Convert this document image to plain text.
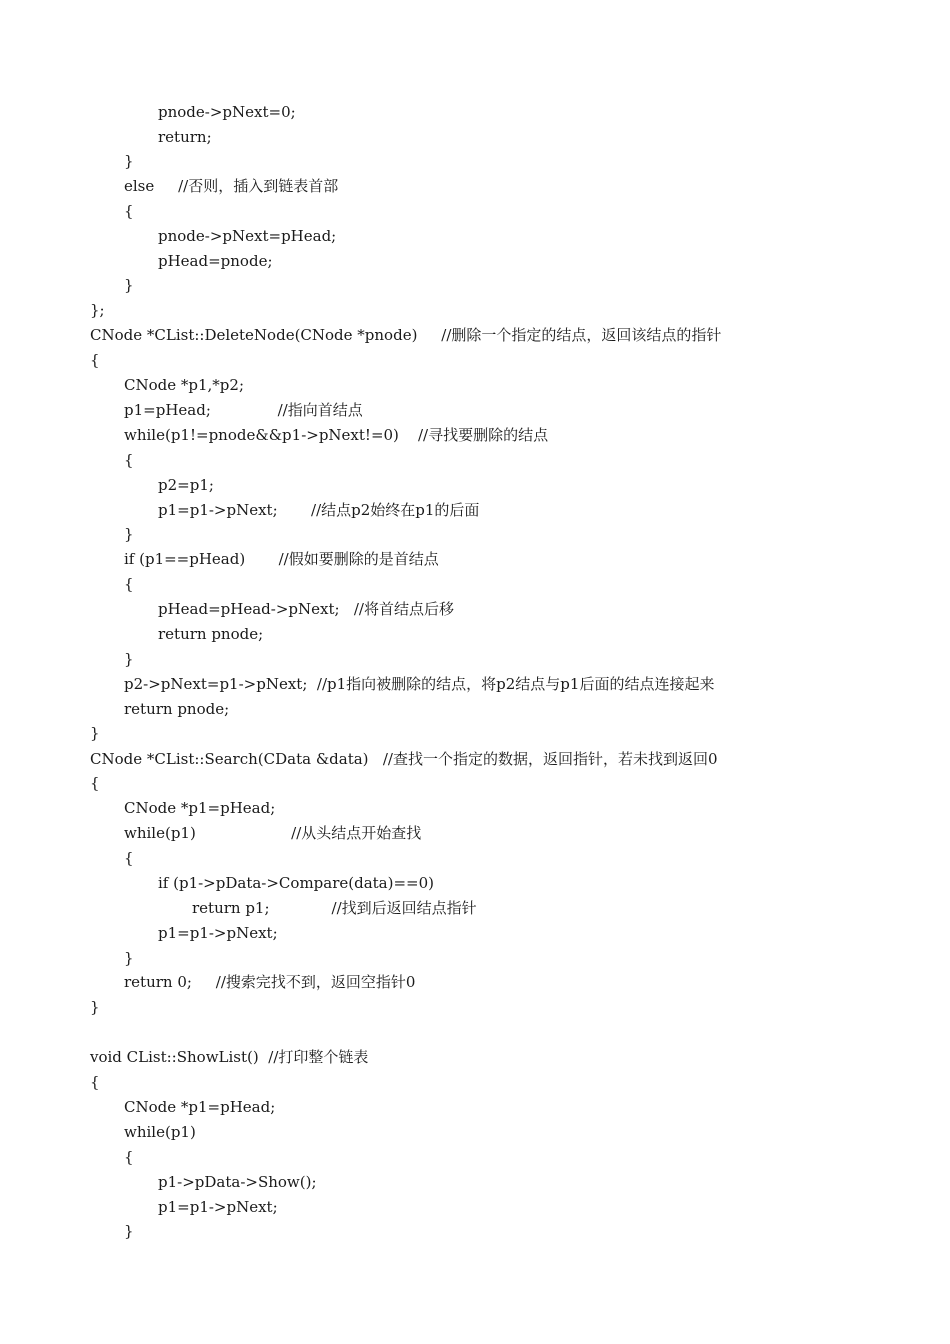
pnode->pNext=0;
return;
}
else     //否则，插入到链表首部
{
pnode->pNext=pHead;
pHead=pnode;
}
};
CNode *CList::DeleteNode(CNode *pnode)     //删除一个指定的结点，返回该结点的指针
{
CNode *p1,*p2;
p1=pHead;              //指向首结点
while(p1!=pnode&&p1->pNext!=0)    //寻找要删除的结点
{
p2=p1;
p1=p1->pNext;       //结点p2始终在p1的后面
}
if (p1==pHead)       //假如要删除的是首结点
{
pHead=pHead->pNext;   //将首结点后移
return pnode;
}
p2->pNext=p1->pNext;  //p1指向被删除的结点，将p2结点与p1后面的结点连接起来
return pnode;
}
CNode *CList::Search(CData &data)   //查找一个指定的数据，返回指针，若未找到返回0
{
CNode *p1=pHead;
while(p1)                    //从头结点开始查找
{
if (p1->pData->Compare(data)==0)
return p1;             //找到后返回结点指针
p1=p1->pNext;
}
return 0;     //搜索完找不到，返回空指针0
}
void CList::ShowList()  //打印整个链表
{
CNode *p1=pHead;
while(p1)
{
p1->pData->Show();
p1=p1->pNext;
}
